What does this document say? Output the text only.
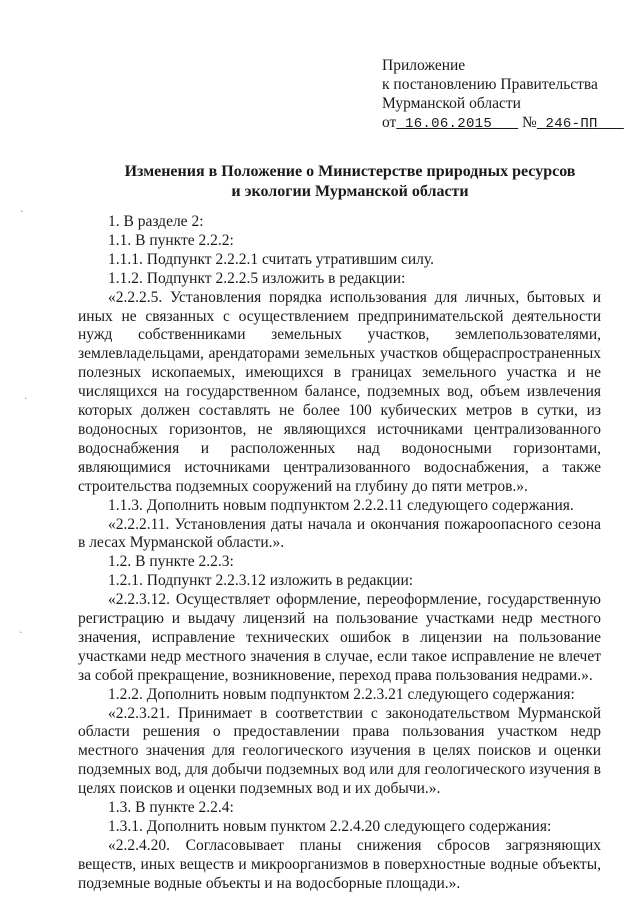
Приложение
к постановлению Правительства
Мурманской области
от 16.06.2015 № 246-ПП
Изменения в Положение о Министерстве природных ресурсов
и экологии Мурманской области
1. В разделе 2:
1.1. В пункте 2.2.2:
1.1.1. Подпункт 2.2.2.1 считать утратившим силу.
1.1.2. Подпункт 2.2.2.5 изложить в редакции:
«2.2.2.5. Установления порядка использования для личных, бытовых и иных не связанных с осуществлением предпринимательской деятельности нужд собственниками земельных участков, землепользователями, землевладельцами, арендаторами земельных участков общераспространенных полезных ископаемых, имеющихся в границах земельного участка и не числящихся на государственном балансе, подземных вод, объем извлечения которых должен составлять не более 100 кубических метров в сутки, из водоносных горизонтов, не являющихся источниками централизованного водоснабжения и расположенных над водоносными горизонтами, являющимися источниками централизованного водоснабжения, а также строительства подземных сооружений на глубину до пяти метров.».
1.1.3. Дополнить новым подпунктом 2.2.2.11 следующего содержания.
«2.2.2.11. Установления даты начала и окончания пожароопасного сезона в лесах Мурманской области.».
1.2. В пункте 2.2.3:
1.2.1. Подпункт 2.2.3.12 изложить в редакции:
«2.2.3.12. Осуществляет оформление, переоформление, государственную регистрацию и выдачу лицензий на пользование участками недр местного значения, исправление технических ошибок в лицензии на пользование участками недр местного значения в случае, если такое исправление не влечет за собой прекращение, возникновение, переход права пользования недрами.».
1.2.2. Дополнить новым подпунктом 2.2.3.21 следующего содержания:
«2.2.3.21. Принимает в соответствии с законодательством Мурманской области решения о предоставлении права пользования участком недр местного значения для геологического изучения в целях поисков и оценки подземных вод, для добычи подземных вод или для геологического изучения в целях поисков и оценки подземных вод и их добычи.».
1.3. В пункте 2.2.4:
1.3.1. Дополнить новым пунктом 2.2.4.20 следующего содержания:
«2.2.4.20. Согласовывает планы снижения сбросов загрязняющих веществ, иных веществ и микроорганизмов в поверхностные водные объекты, подземные водные объекты и на водосборные площади.».
·
·
·
